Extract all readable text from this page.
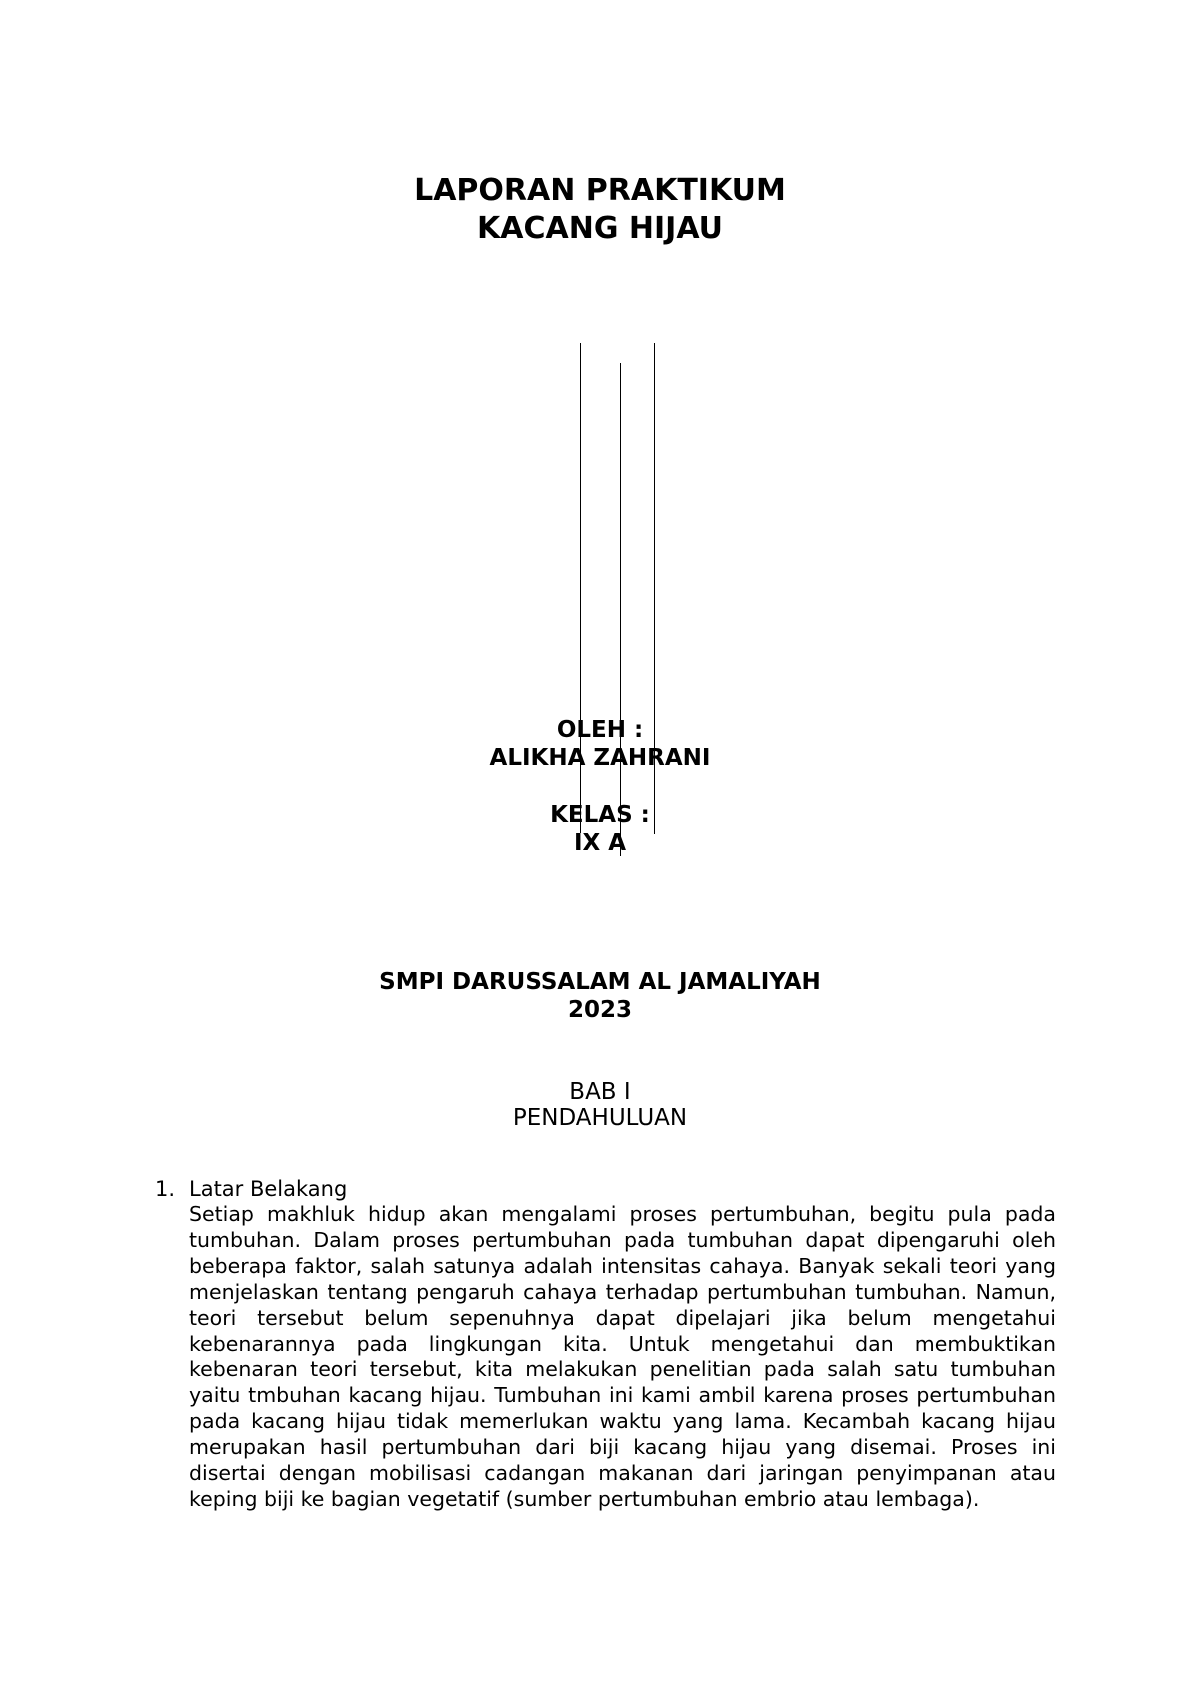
LAPORAN PRAKTIKUM

KACANG HIJAU

OLEH :

ALIKHA ZAHRANI

KELAS :

IX A

SMPI DARUSSALAM AL JAMALIYAH

2023

BAB I

PENDAHULUAN

1. Latar Belakang

Setiap makhluk hidup akan mengalami proses pertumbuhan, begitu pula pada tumbuhan. Dalam proses pertumbuhan pada tumbuhan dapat dipengaruhi oleh beberapa faktor, salah satunya adalah intensitas cahaya. Banyak sekali teori yang menjelaskan tentang pengaruh cahaya terhadap pertumbuhan tumbuhan. Namun, teori tersebut belum sepenuhnya dapat dipelajari jika belum mengetahui kebenarannya pada lingkungan kita. Untuk mengetahui dan membuktikan kebenaran teori tersebut, kita melakukan penelitian pada salah satu tumbuhan yaitu tmbuhan kacang hijau. Tumbuhan ini kami ambil karena proses pertumbuhan pada kacang hijau tidak memerlukan waktu yang lama. Kecambah kacang hijau merupakan hasil pertumbuhan dari biji kacang hijau yang disemai. Proses ini disertai dengan mobilisasi cadangan makanan dari jaringan penyimpanan atau keping biji ke bagian vegetatif (sumber pertumbuhan embrio atau lembaga).
